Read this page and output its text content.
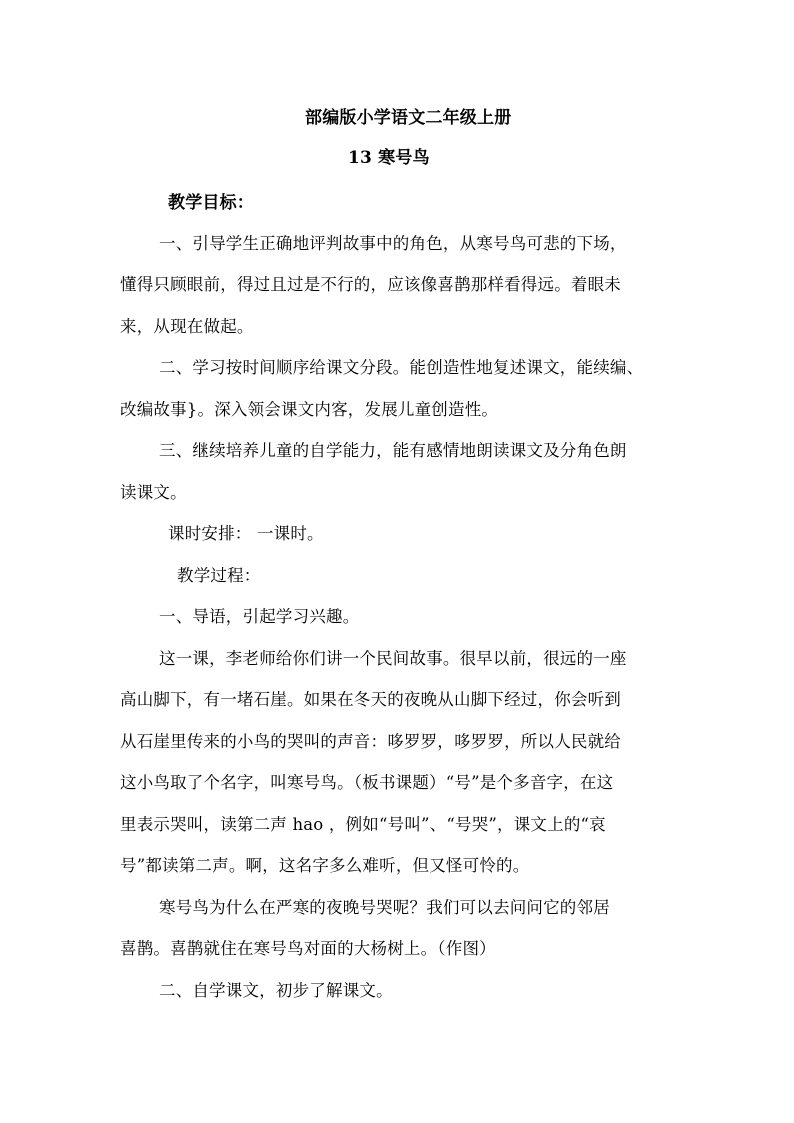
部编版小学语文二年级上册
13 寒号鸟
教学目标：
一、引导学生正确地评判故事中的角色，从寒号鸟可悲的下场，
懂得只顾眼前，得过且过是不行的，应该像喜鹊那样看得远。着眼未
来，从现在做起。
二、学习按时间顺序给课文分段。能创造性地复述课文，能续编、
改编故事}。深入领会课文内客，发展儿童创造性。
三、继续培养儿童的自学能力，能有感情地朗读课文及分角色朗
读课文。
课时安排： 一课时。
教学过程：
一、导语，引起学习兴趣。
这一课，李老师给你们讲一个民间故事。很早以前，很远的一座
高山脚下，有一堵石崖。如果在冬天的夜晚从山脚下经过，你会听到
从石崖里传来的小鸟的哭叫的声音：哆罗罗，哆罗罗，所以人民就给
这小鸟取了个名字，叫寒号鸟。（板书课题）“号”是个多音字，在这
里表示哭叫，读第二声 hao ，例如“号叫”、“号哭”，课文上的“哀
号”都读第二声。啊，这名字多么难听，但又怪可怜的。
寒号鸟为什么在严寒的夜晚号哭呢？我们可以去问问它的邻居
喜鹊。喜鹊就住在寒号鸟对面的大杨树上。（作图）
二、自学课文，初步了解课文。
